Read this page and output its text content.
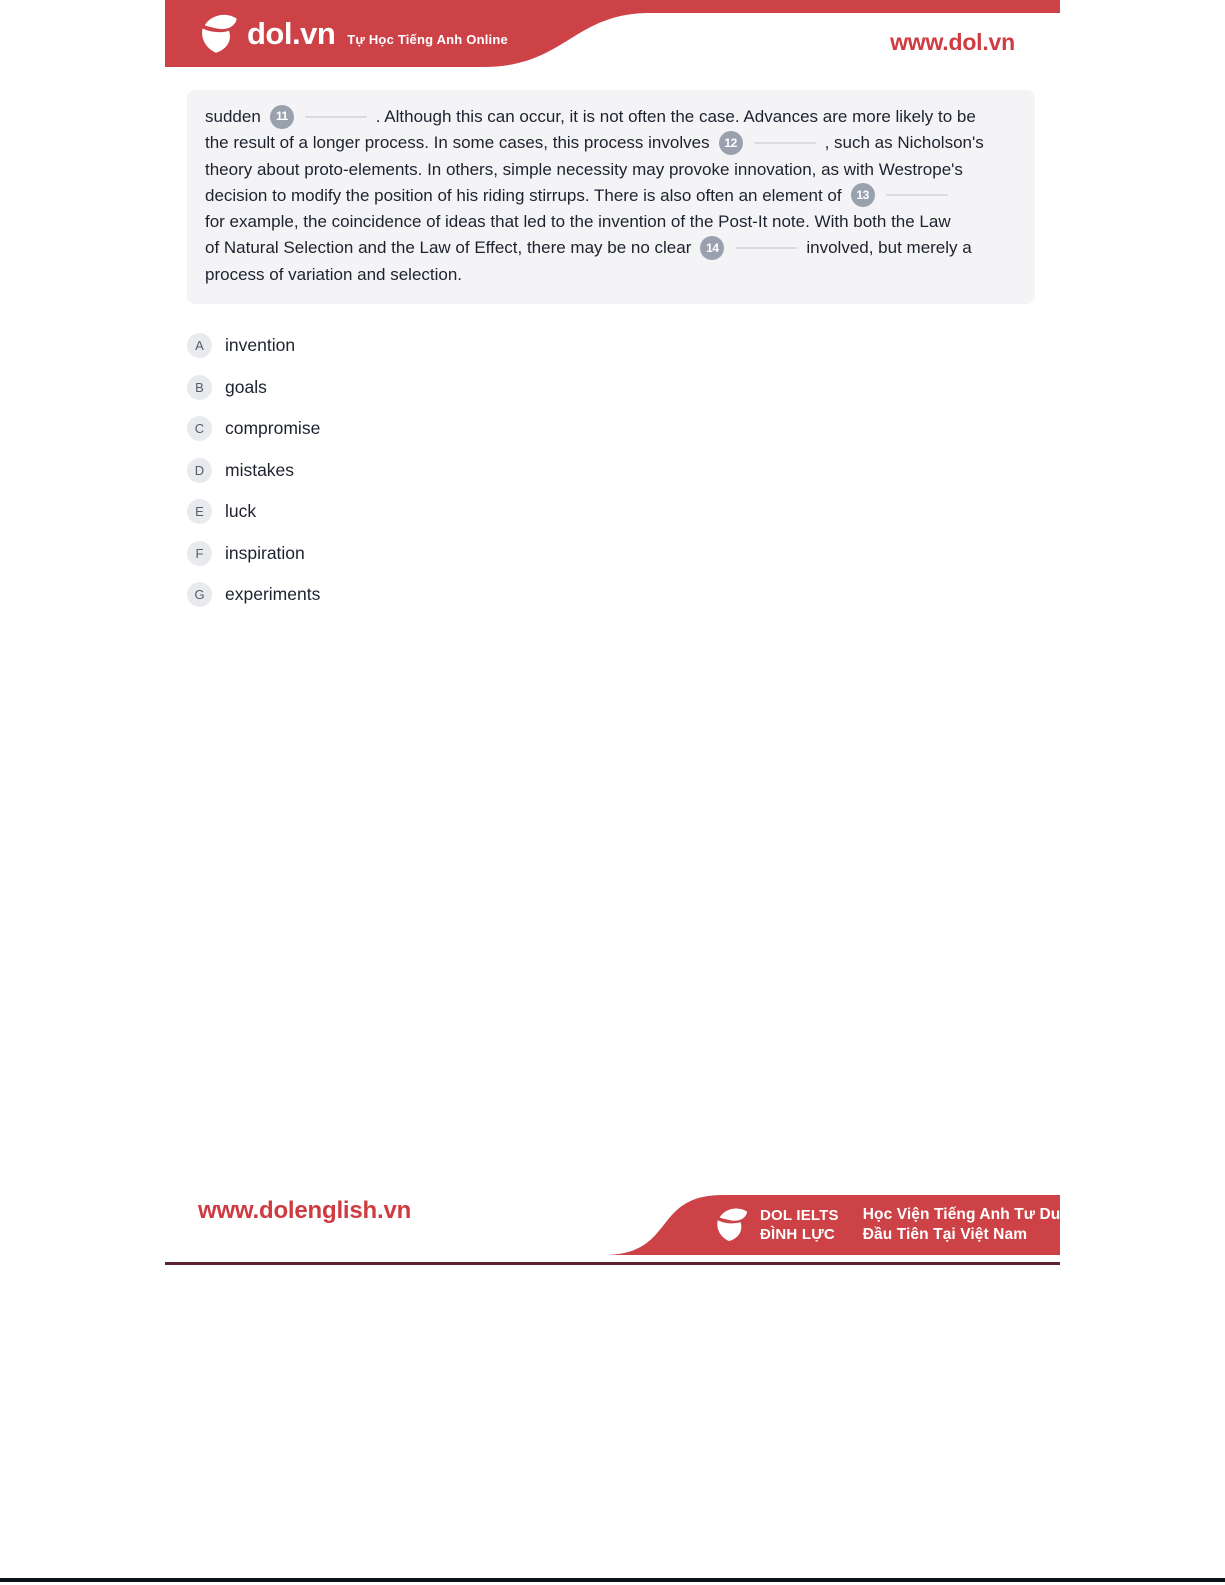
dol.vn Tự Học Tiếng Anh Online	www.dol.vn

sudden	11	. Although this can occur, it is not often the case. Advances are more likely to be
the result of a longer process. In some cases, this process involves	12	, such as Nicholson's
theory about proto-elements. In others, simple necessity may provoke innovation, as with Westrope's
decision to modify the position of his riding stirrups. There is also often an element of	13

for example, the coincidence of ideas that led to the invention of the Post-It note. With both the Law
of Natural Selection and the Law of Effect, there may be no clear	14	involved, but merely a
process of variation and selection.

A	invention
B	goals
C	compromise
D	mistakes
E	luck
F	inspiration
G	experiments
www.dolenglish.vn	DOL IELTS
ĐÌNH LỰC
Học Viện Tiếng Anh Tư Duy
Đầu Tiên Tại Việt Nam
